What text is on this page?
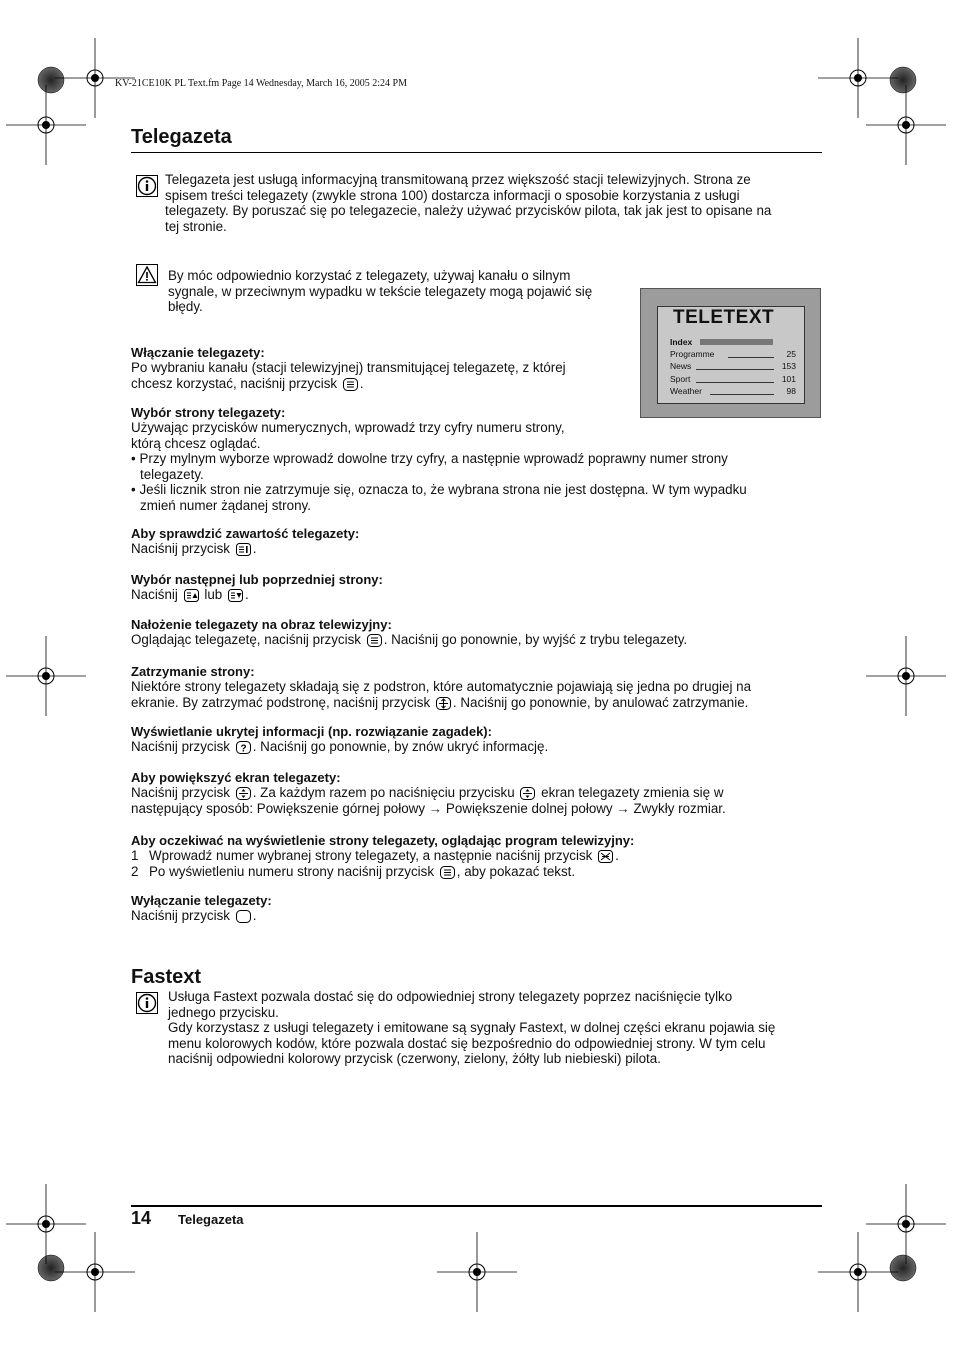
KV-21CE10K PL Text.fm Page 14 Wednesday, March 16, 2005 2:24 PM
Telegazeta
Telegazeta jest usługą informacyjną transmitowaną przez większość stacji telewizyjnych. Strona ze
spisem treści telegazety (zwykle strona 100) dostarcza informacji o sposobie korzystania z usługi
telegazety. By poruszać się po telegazecie, należy używać przycisków pilota, tak jak jest to opisane na
tej stronie.
By móc odpowiednio korzystać z telegazety, używaj kanału o silnym
sygnale, w przeciwnym wypadku w tekście telegazety mogą pojawić się
błędy.
TELETEXT
Index
Programme	25
News	153
Sport	101
Weather	98
Włączanie telegazety:
Po wybraniu kanału (stacji telewizyjnej) transmitującej telegazetę, z której
chcesz korzystać, naciśnij przycisk .
Wybór strony telegazety:
Używając przycisków numerycznych, wprowadź trzy cyfry numeru strony,
którą chcesz oglądać.
• Przy mylnym wyborze wprowadź dowolne trzy cyfry, a następnie wprowadź poprawny numer strony
telegazety.
• Jeśli licznik stron nie zatrzymuje się, oznacza to, że wybrana strona nie jest dostępna. W tym wypadku
zmień numer żądanej strony.
Aby sprawdzić zawartość telegazety:
Naciśnij przycisk .
Wybór następnej lub poprzedniej strony:
Naciśnij lub .
Nałożenie telegazety na obraz telewizyjny:
Oglądając telegazetę, naciśnij przycisk . Naciśnij go ponownie, by wyjść z trybu telegazety.
Zatrzymanie strony:
Niektóre strony telegazety składają się z podstron, które automatycznie pojawiają się jedna po drugiej na
ekranie. By zatrzymać podstronę, naciśnij przycisk . Naciśnij go ponownie, by anulować zatrzymanie.
Wyświetlanie ukrytej informacji (np. rozwiązanie zagadek):
Naciśnij przycisk ? . Naciśnij go ponownie, by znów ukryć informację.
Aby powiększyć ekran telegazety:
Naciśnij przycisk . Za każdym razem po naciśnięciu przycisku ekran telegazety zmienia się w
następujący sposób: Powiększenie górnej połowy → Powiększenie dolnej połowy → Zwykły rozmiar.
Aby oczekiwać na wyświetlenie strony telegazety, oglądając program telewizyjny:
1 Wprowadź numer wybranej strony telegazety, a następnie naciśnij przycisk .
2 Po wyświetleniu numeru strony naciśnij przycisk , aby pokazać tekst.
Wyłączanie telegazety:
Naciśnij przycisk .
Fastext
Usługa Fastext pozwala dostać się do odpowiedniej strony telegazety poprzez naciśnięcie tylko
jednego przycisku.
Gdy korzystasz z usługi telegazety i emitowane są sygnały Fastext, w dolnej części ekranu pojawia się
menu kolorowych kodów, które pozwala dostać się bezpośrednio do odpowiedniej strony. W tym celu
naciśnij odpowiedni kolorowy przycisk (czerwony, zielony, żółty lub niebieski) pilota.
14 Telegazeta
